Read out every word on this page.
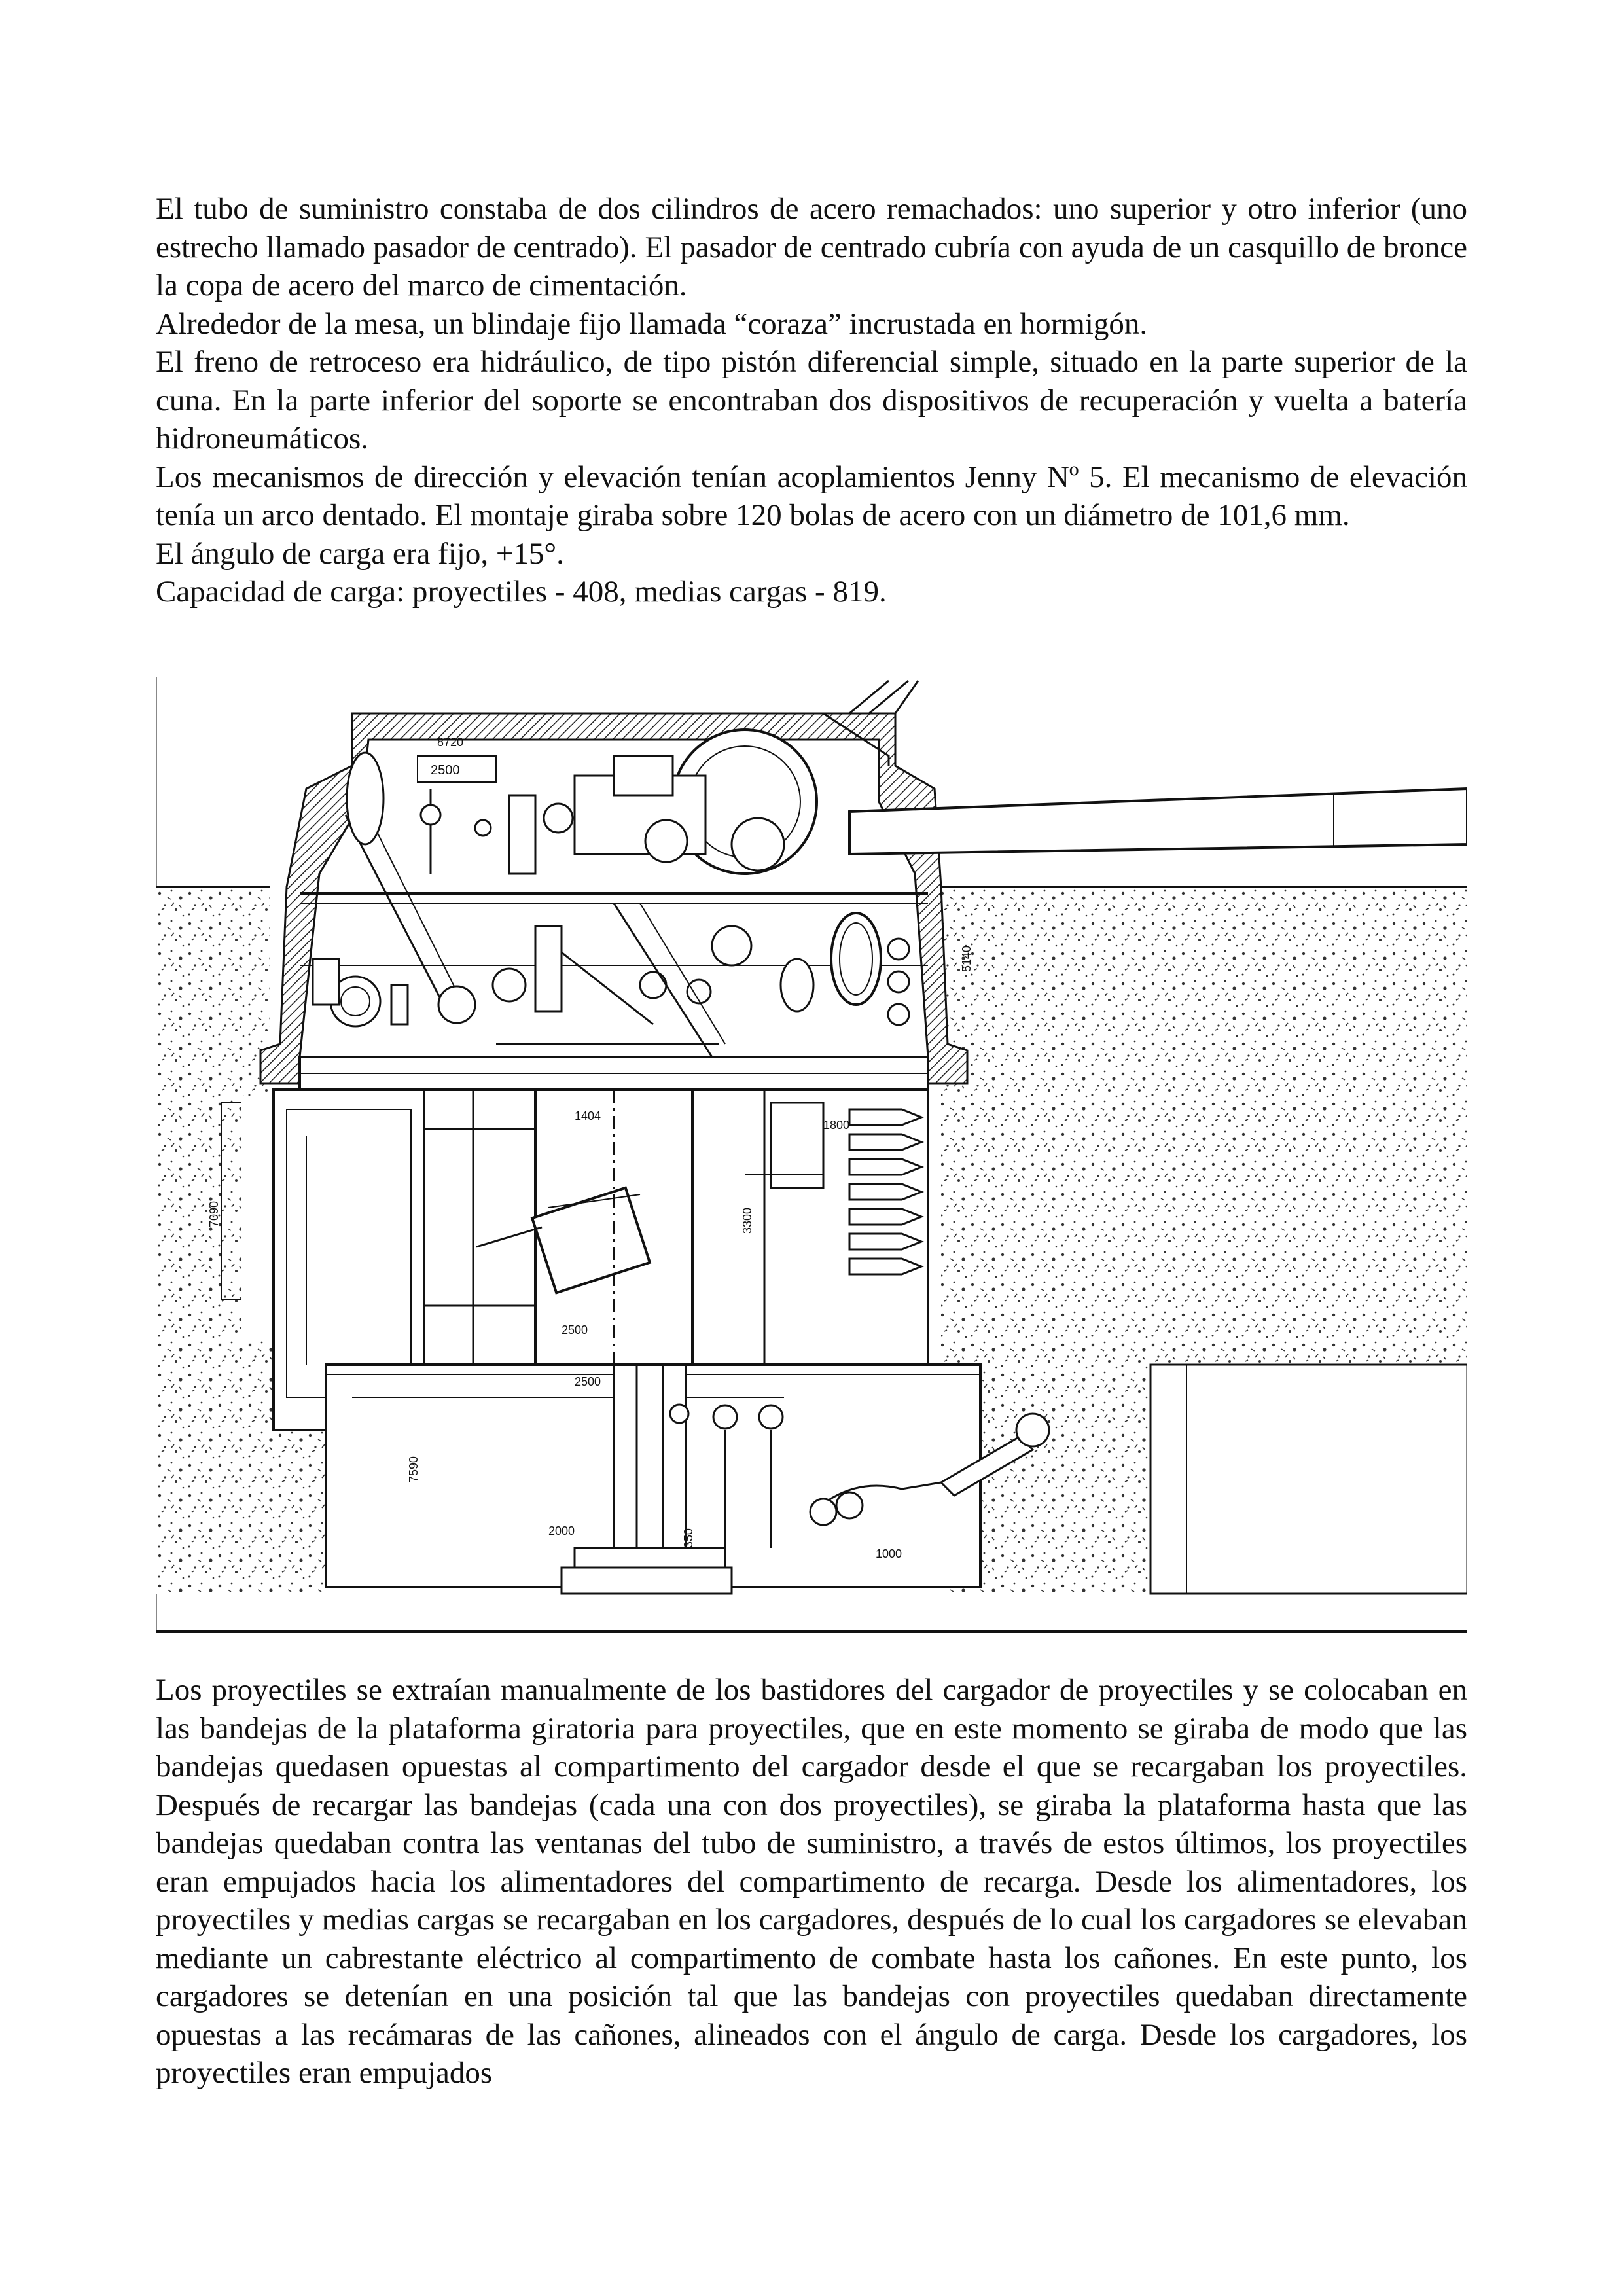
El tubo de suministro constaba de dos cilindros de acero remachados: uno superior y otro inferior (uno estrecho llamado pasador de centrado). El pasador de centrado cubría con ayuda de un casquillo de bronce la copa de acero del marco de cimentación.

Alrededor de la mesa, un blindaje fijo llamada “coraza” incrustada en hormigón.

El freno de retroceso era hidráulico, de tipo pistón diferencial simple, situado en la parte superior de la cuna. En la parte inferior del soporte se encontraban dos dispositivos de recuperación y vuelta a batería hidroneumáticos.

Los mecanismos de dirección y elevación tenían acoplamientos Jenny Nº 5. El mecanismo de elevación tenía un arco dentado. El montaje giraba sobre 120 bolas de acero con un diámetro de 101,6 mm.

El ángulo de carga era fijo, +15°.

Capacidad de carga: proyectiles - 408, medias cargas - 819.

2500
5140
7090
2500
7590
3300
1404
8720
2500
1800
2000	350
1000

Los proyectiles se extraían manualmente de los bastidores del cargador de proyectiles y se colocaban en las bandejas de la plataforma giratoria para proyectiles, que en este momento se giraba de modo que las bandejas quedasen opuestas al compartimento del cargador desde el que se recargaban los proyectiles. Después de recargar las bandejas (cada una con dos proyectiles), se giraba la plataforma hasta que las bandejas quedaban contra las ventanas del tubo de suministro, a través de estos últimos, los proyectiles eran empujados hacia los alimentadores del compartimento de recarga. Desde los alimentadores, los proyectiles y medias cargas se recargaban en los cargadores, después de lo cual los cargadores se elevaban mediante un cabrestante eléctrico al compartimento de combate hasta los cañones. En este punto, los cargadores se detenían en una posición tal que las bandejas con proyectiles quedaban directamente opuestas a las recámaras de las cañones, alineados con el ángulo de carga. Desde los cargadores, los proyectiles eran empujados
